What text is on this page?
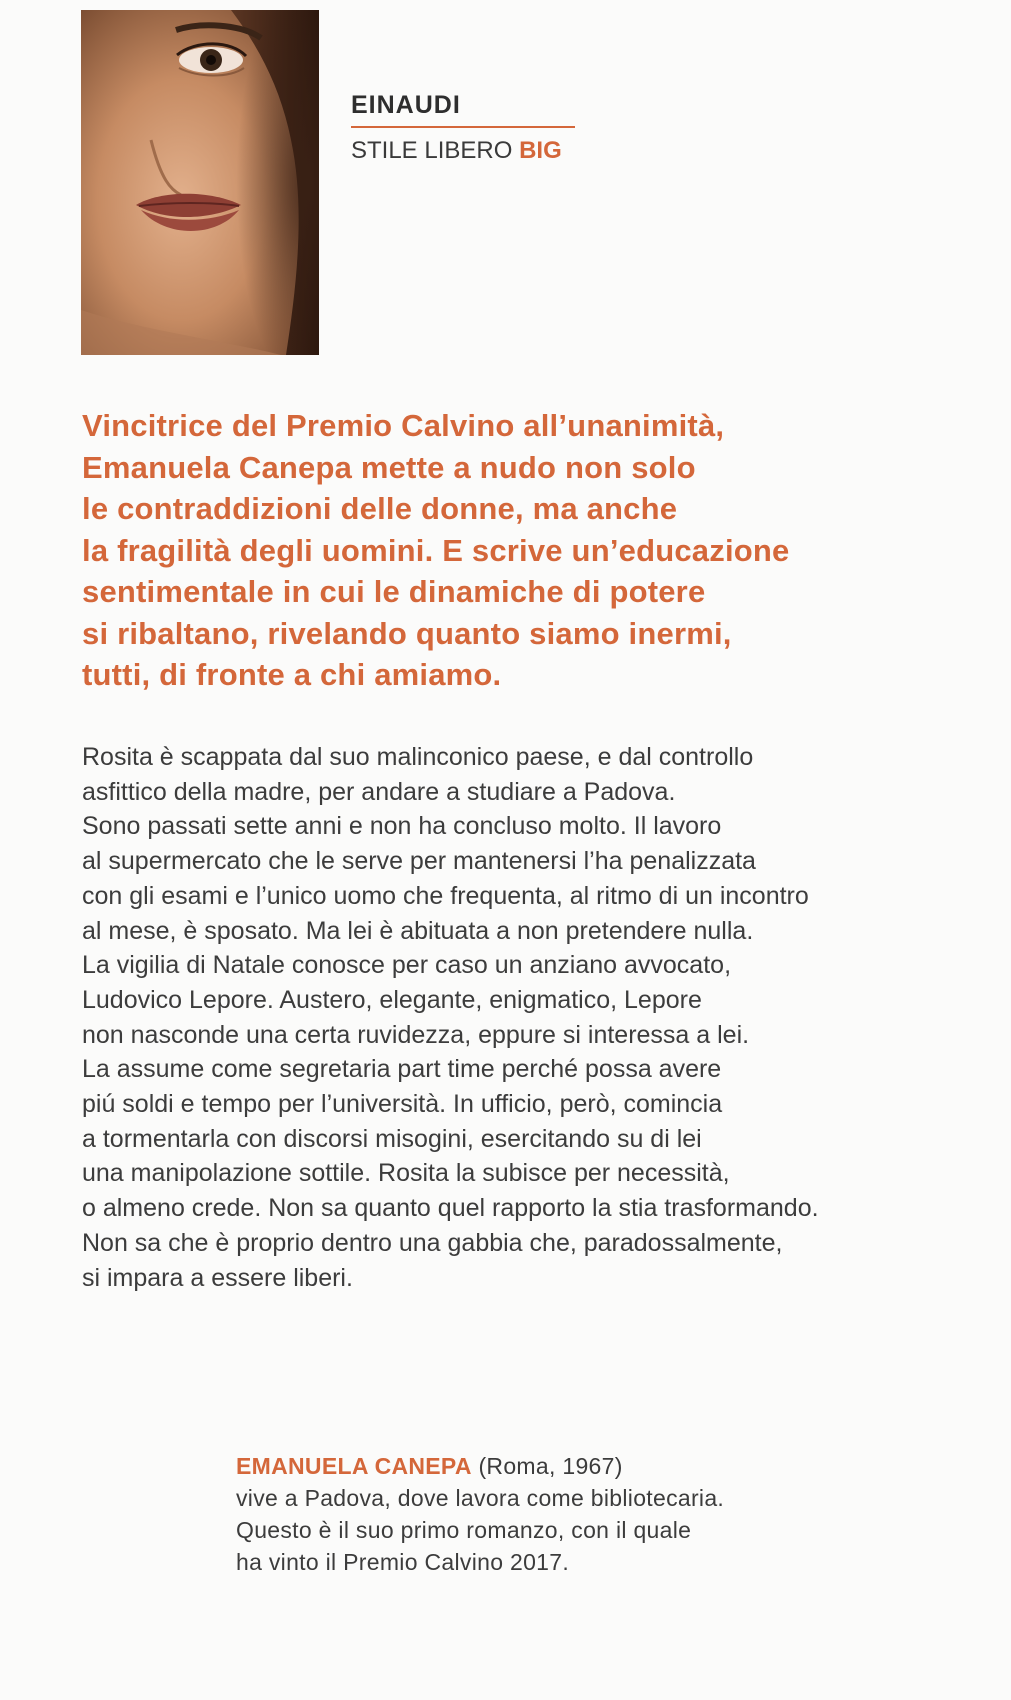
EINAUDI
STILE LIBERO BIG
Vincitrice del Premio Calvino all’unanimità,
Emanuela Canepa mette a nudo non solo
le contraddizioni delle donne, ma anche
la fragilità degli uomini. E scrive un’educazione
sentimentale in cui le dinamiche di potere
si ribaltano, rivelando quanto siamo inermi,
tutti, di fronte a chi amiamo.
Rosita è scappata dal suo malinconico paese, e dal controllo
asfittico della madre, per andare a studiare a Padova.
Sono passati sette anni e non ha concluso molto. Il lavoro
al supermercato che le serve per mantenersi l’ha penalizzata
con gli esami e l’unico uomo che frequenta, al ritmo di un incontro
al mese, è sposato. Ma lei è abituata a non pretendere nulla.
La vigilia di Natale conosce per caso un anziano avvocato,
Ludovico Lepore. Austero, elegante, enigmatico, Lepore
non nasconde una certa ruvidezza, eppure si interessa a lei.
La assume come segretaria part time perché possa avere
piú soldi e tempo per l’università. In ufficio, però, comincia
a tormentarla con discorsi misogini, esercitando su di lei
una manipolazione sottile. Rosita la subisce per necessità,
o almeno crede. Non sa quanto quel rapporto la stia trasformando.
Non sa che è proprio dentro una gabbia che, paradossalmente,
si impara a essere liberi.
EMANUELA CANEPA (Roma, 1967)
vive a Padova, dove lavora come bibliotecaria.
Questo è il suo primo romanzo, con il quale
ha vinto il Premio Calvino 2017.
